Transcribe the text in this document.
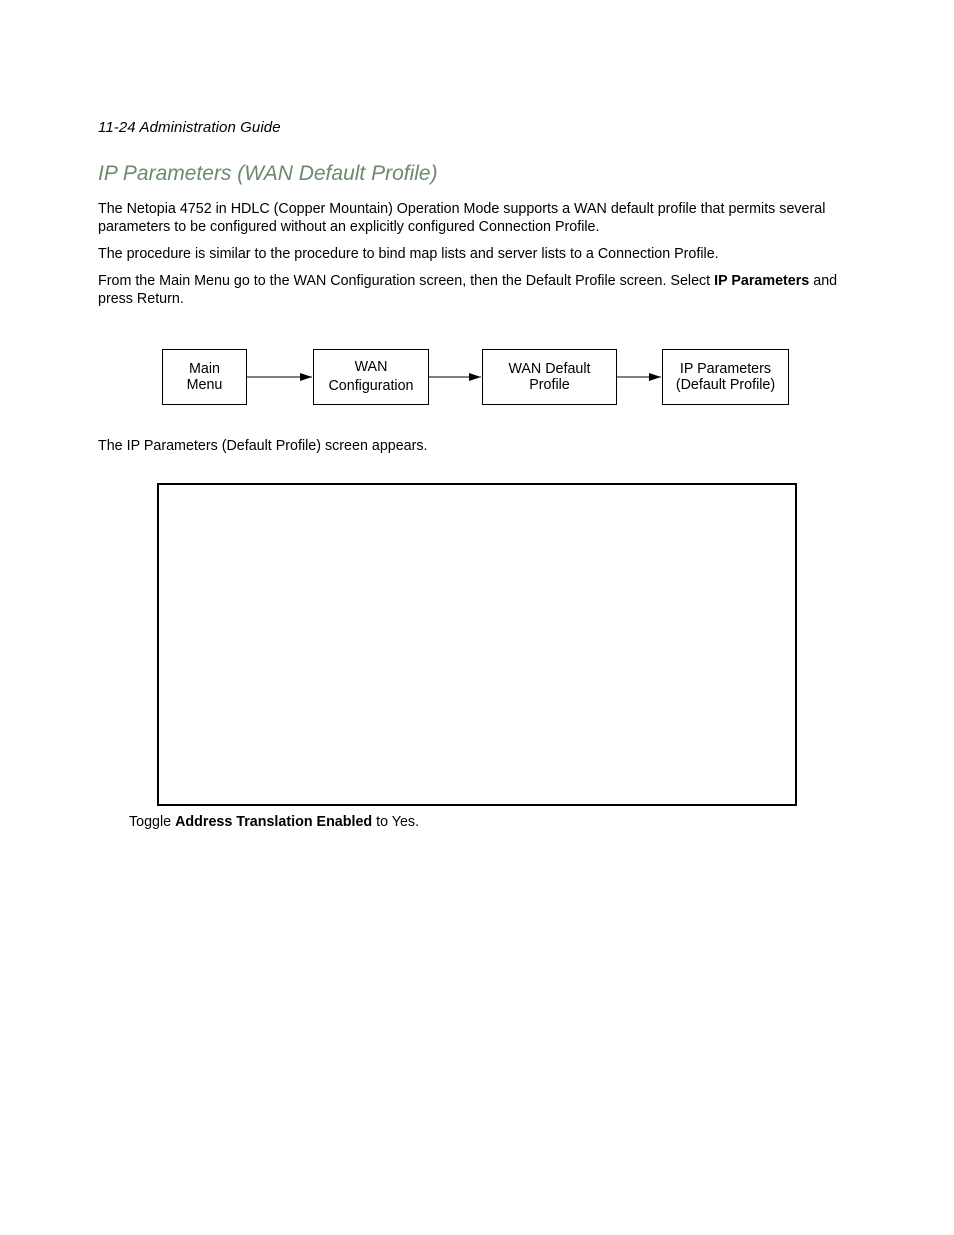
11-24 Administration Guide
IP Parameters (WAN Default Profile)

The Netopia 4752 in HDLC (Copper Mountain) Operation Mode supports a WAN default profile that permits several parameters to be configured without an explicitly configured Connection Profile.

The procedure is similar to the procedure to bind map lists and server lists to a Connection Profile.

From the Main Menu go to the WAN Configuration screen, then the Default Profile screen. Select IP Parameters and press Return.

Main
Menu
WAN
Configuration
WAN Default
Profile
IP Parameters
(Default Profile)

The IP Parameters (Default Profile) screen appears.

Toggle Address Translation Enabled to Yes.
